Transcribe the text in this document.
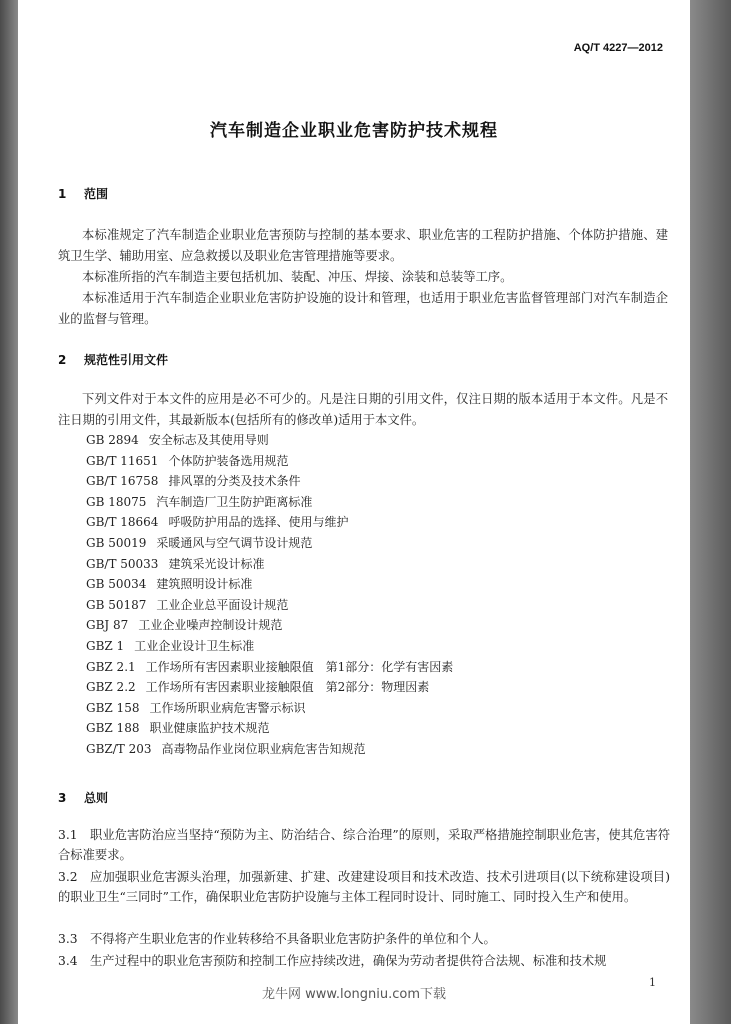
AQ/T 4227—2012
汽车制造企业职业危害防护技术规程
1 范围
本标准规定了汽车制造企业职业危害预防与控制的基本要求、职业危害的工程防护措施、个体防护措施、建筑卫生学、辅助用室、应急救援以及职业危害管理措施等要求。
本标准所指的汽车制造主要包括机加、装配、冲压、焊接、涂装和总装等工序。
本标准适用于汽车制造企业职业危害防护设施的设计和管理，也适用于职业危害监督管理部门对汽车制造企业的监督与管理。
2 规范性引用文件
下列文件对于本文件的应用是必不可少的。凡是注日期的引用文件，仅注日期的版本适用于本文件。凡是不注日期的引用文件，其最新版本(包括所有的修改单)适用于本文件。
GB 2894 安全标志及其使用导则
GB/T 11651 个体防护装备选用规范
GB/T 16758 排风罩的分类及技术条件
GB 18075 汽车制造厂卫生防护距离标准
GB/T 18664 呼吸防护用品的选择、使用与维护
GB 50019 采暖通风与空气调节设计规范
GB/T 50033 建筑采光设计标准
GB 50034 建筑照明设计标准
GB 50187 工业企业总平面设计规范
GBJ 87 工业企业噪声控制设计规范
GBZ 1 工业企业设计卫生标准
GBZ 2.1 工作场所有害因素职业接触限值　第1部分：化学有害因素
GBZ 2.2 工作场所有害因素职业接触限值　第2部分：物理因素
GBZ 158 工作场所职业病危害警示标识
GBZ 188 职业健康监护技术规范
GBZ/T 203 高毒物品作业岗位职业病危害告知规范
3 总则
3.1 职业危害防治应当坚持“预防为主、防治结合、综合治理”的原则，采取严格措施控制职业危害，使其危害符合标准要求。
3.2 应加强职业危害源头治理，加强新建、扩建、改建建设项目和技术改造、技术引进项目(以下统称建设项目)的职业卫生“三同时”工作，确保职业危害防护设施与主体工程同时设计、同时施工、同时投入生产和使用。
3.3 不得将产生职业危害的作业转移给不具备职业危害防护条件的单位和个人。
3.4 生产过程中的职业危害预防和控制工作应持续改进，确保为劳动者提供符合法规、标准和技术规
1
龙牛网 www.longniu.com下载
